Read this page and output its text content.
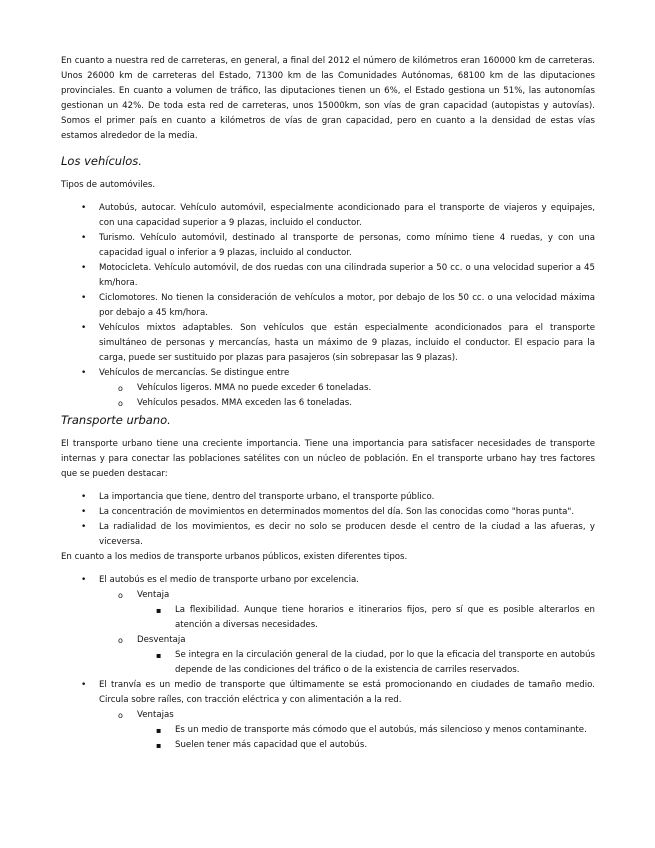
En cuanto a nuestra red de carreteras, en general, a final del 2012 el número de kilómetros eran 160000 km de carreteras. Unos 26000 km de carreteras del Estado, 71300 km de las Comunidades Autónomas, 68100 km de las diputaciones provinciales. En cuanto a volumen de tráfico, las diputaciones tienen un 6%, el Estado gestiona un 51%, las autonomías gestionan un 42%. De toda esta red de carreteras, unos 15000km, son vías de gran capacidad (autopistas y autovías). Somos el primer país en cuanto a kilómetros de vías de gran capacidad, pero en cuanto a la densidad de estas vías estamos alrededor de la media.

Los vehículos.

Tipos de automóviles.

• Autobús, autocar. Vehículo automóvil, especialmente acondicionado para el transporte de viajeros y equipajes, con una capacidad superior a 9 plazas, incluido el conductor.
• Turismo. Vehículo automóvil, destinado al transporte de personas, como mínimo tiene 4 ruedas, y con una capacidad igual o inferior a 9 plazas, incluido al conductor.
• Motocicleta. Vehículo automóvil, de dos ruedas con una cilindrada superior a 50 cc. o una velocidad superior a 45 km/hora.
• Ciclomotores. No tienen la consideración de vehículos a motor, por debajo de los 50 cc. o una velocidad máxima por debajo a 45 km/hora.
• Vehículos mixtos adaptables. Son vehículos que están especialmente acondicionados para el transporte simultáneo de personas y mercancías, hasta un máximo de 9 plazas, incluido el conductor. El espacio para la carga, puede ser sustituido por plazas para pasajeros (sin sobrepasar las 9 plazas).
• Vehículos de mercancías. Se distingue entre
o Vehículos ligeros. MMA no puede exceder 6 toneladas.
o Vehículos pesados. MMA exceden las 6 toneladas.
Transporte urbano.

El transporte urbano tiene una creciente importancia. Tiene una importancia para satisfacer necesidades de transporte internas y para conectar las poblaciones satélites con un núcleo de población. En el transporte urbano hay tres factores que se pueden destacar:

• La importancia que tiene, dentro del transporte urbano, el transporte público.
• La concentración de movimientos en determinados momentos del día. Son las conocidas como "horas punta".
• La radialidad de los movimientos, es decir no solo se producen desde el centro de la ciudad a las afueras, y viceversa.

En cuanto a los medios de transporte urbanos públicos, existen diferentes tipos.

• El autobús es el medio de transporte urbano por excelencia.
o Ventaja
▪ La flexibilidad. Aunque tiene horarios e itinerarios fijos, pero sí que es posible alterarlos en atención a diversas necesidades.
o Desventaja
▪ Se integra en la circulación general de la ciudad, por lo que la eficacia del transporte en autobús depende de las condiciones del tráfico o de la existencia de carriles reservados.
• El tranvía es un medio de transporte que últimamente se está promocionando en ciudades de tamaño medio. Circula sobre raíles, con tracción eléctrica y con alimentación a la red.
o Ventajas
▪ Es un medio de transporte más cómodo que el autobús, más silencioso y menos contaminante.
▪ Suelen tener más capacidad que el autobús.
